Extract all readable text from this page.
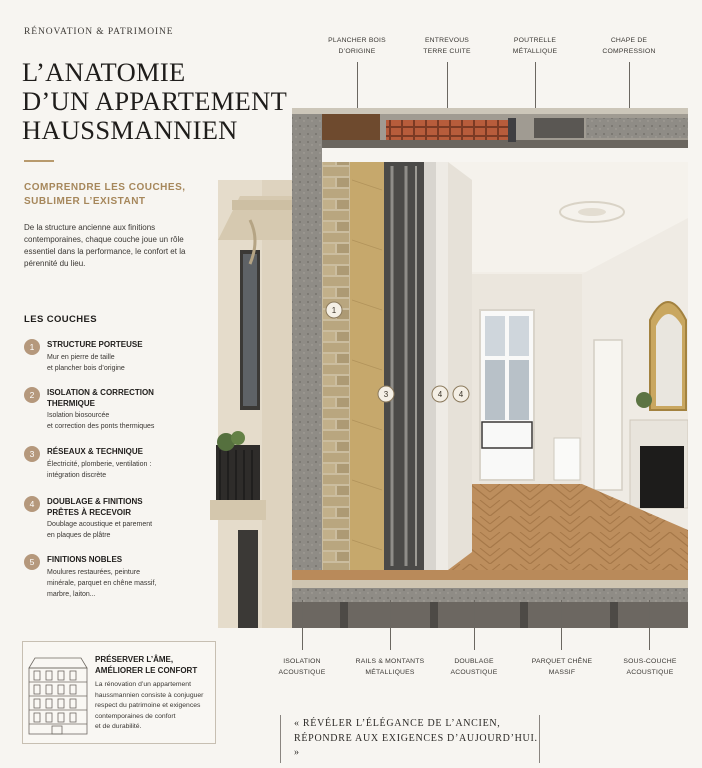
RÉNOVATION & PATRIMOINE
L’ANATOMIE
D’UN APPARTEMENT
HAUSSMANNIEN
COMPRENDRE LES COUCHES,
SUBLIMER L’EXISTANT

De la structure ancienne aux finitions contemporaines, chaque couche joue un rôle essentiel dans la performance, le confort et la pérennité du lieu.

LES COUCHES
1	STRUCTURE PORTEUSE
Mur en pierre de taille
et plancher bois d’origine
2	ISOLATION & CORRECTION
THERMIQUE
Isolation biosourcée
et correction des ponts thermiques
3	RÉSEAUX & TECHNIQUE
Électricité, plomberie, ventilation :
intégration discrète
4	DOUBLAGE & FINITIONS
PRÊTES À RECEVOIR
Doublage acoustique et parement
en plaques de plâtre
5	FINITIONS NOBLES
Moulures restaurées, peinture
minérale, parquet en chêne massif,
marbre, laiton...
PLANCHER BOIS
D’ORIGINE
ENTREVOUS
TERRE CUITE
POUTRELLE
MÉTALLIQUE
CHAPE DE
COMPRESSION
1
3	4 4
ISOLATION
ACOUSTIQUE
RAILS & MONTANTS
MÉTALLIQUES
DOUBLAGE
ACOUSTIQUE
PARQUET CHÊNE
MASSIF
SOUS-COUCHE
ACOUSTIQUE
PRÉSERVER L’ÂME,
AMÉLIORER LE CONFORT
La rénovation d’un appartement
haussmannien consiste à conjuguer
respect du patrimoine et exigences
contemporaines de confort
et de durabilité.	« RÉVÉLER L’ÉLÉGANCE DE L’ANCIEN,
RÉPONDRE AUX EXIGENCES D’AUJOURD’HUI. »
